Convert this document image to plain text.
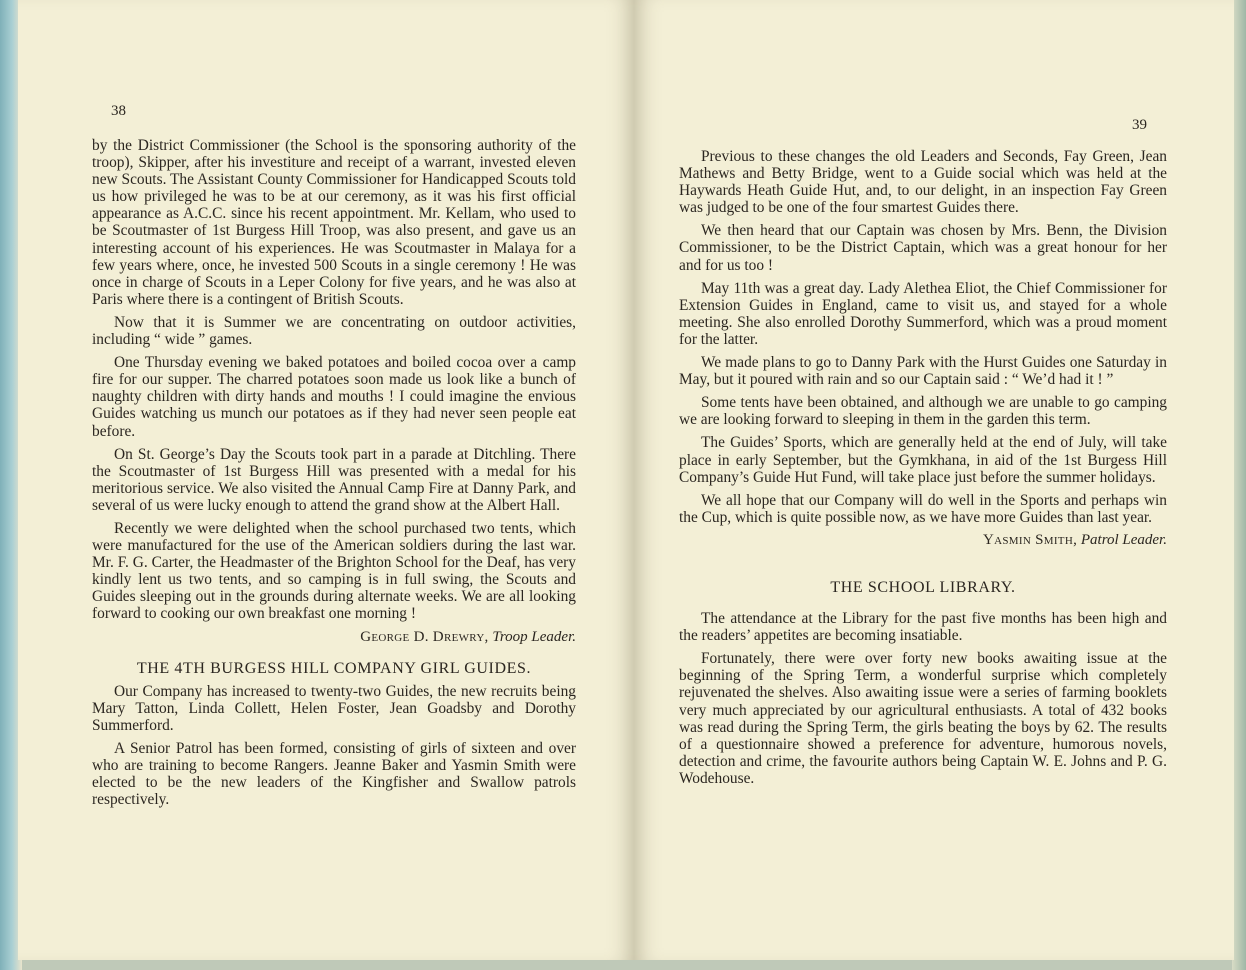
38

by the District Commissioner (the School is the sponsoring authority of the troop), Skipper, after his investiture and receipt of a warrant, invested eleven new Scouts. The Assistant County Commissioner for Handicapped Scouts told us how privileged he was to be at our ceremony, as it was his first official appearance as A.C.C. since his recent appointment. Mr. Kellam, who used to be Scoutmaster of 1st Burgess Hill Troop, was also present, and gave us an interesting account of his experiences. He was Scoutmaster in Malaya for a few years where, once, he invested 500 Scouts in a single ceremony ! He was once in charge of Scouts in a Leper Colony for five years, and he was also at Paris where there is a contingent of British Scouts.

Now that it is Summer we are concentrating on outdoor activities, including “ wide ” games.

One Thursday evening we baked potatoes and boiled cocoa over a camp fire for our supper. The charred potatoes soon made us look like a bunch of naughty children with dirty hands and mouths ! I could imagine the envious Guides watching us munch our potatoes as if they had never seen people eat before.

On St. George’s Day the Scouts took part in a parade at Ditchling. There the Scoutmaster of 1st Burgess Hill was presented with a medal for his meritorious service. We also visited the Annual Camp Fire at Danny Park, and several of us were lucky enough to attend the grand show at the Albert Hall.

Recently we were delighted when the school purchased two tents, which were manufactured for the use of the American soldiers during the last war. Mr. F. G. Carter, the Headmaster of the Brighton School for the Deaf, has very kindly lent us two tents, and so camping is in full swing, the Scouts and Guides sleeping out in the grounds during alternate weeks. We are all looking forward to cooking our own breakfast one morning !

George D. Drewry, Troop Leader.
THE 4TH BURGESS HILL COMPANY GIRL GUIDES.

Our Company has increased to twenty-two Guides, the new recruits being Mary Tatton, Linda Collett, Helen Foster, Jean Goadsby and Dorothy Summerford.

A Senior Patrol has been formed, consisting of girls of sixteen and over who are training to become Rangers. Jeanne Baker and Yasmin Smith were elected to be the new leaders of the Kingfisher and Swallow patrols respectively.

39

Previous to these changes the old Leaders and Seconds, Fay Green, Jean Mathews and Betty Bridge, went to a Guide social which was held at the Haywards Heath Guide Hut, and, to our delight, in an inspection Fay Green was judged to be one of the four smartest Guides there.

We then heard that our Captain was chosen by Mrs. Benn, the Division Commissioner, to be the District Captain, which was a great honour for her and for us too !

May 11th was a great day. Lady Alethea Eliot, the Chief Commissioner for Extension Guides in England, came to visit us, and stayed for a whole meeting. She also enrolled Dorothy Summerford, which was a proud moment for the latter.

We made plans to go to Danny Park with the Hurst Guides one Saturday in May, but it poured with rain and so our Captain said : “ We’d had it ! ”

Some tents have been obtained, and although we are unable to go camping we are looking forward to sleeping in them in the garden this term.

The Guides’ Sports, which are generally held at the end of July, will take place in early September, but the Gymkhana, in aid of the 1st Burgess Hill Company’s Guide Hut Fund, will take place just before the summer holidays.

We all hope that our Company will do well in the Sports and perhaps win the Cup, which is quite possible now, as we have more Guides than last year.

Yasmin Smith, Patrol Leader.
THE SCHOOL LIBRARY.

The attendance at the Library for the past five months has been high and the readers’ appetites are becoming insatiable.

Fortunately, there were over forty new books awaiting issue at the beginning of the Spring Term, a wonderful surprise which completely rejuvenated the shelves. Also awaiting issue were a series of farming booklets very much appreciated by our agricultural enthusiasts. A total of 432 books was read during the Spring Term, the girls beating the boys by 62. The results of a questionnaire showed a preference for adventure, humorous novels, detection and crime, the favourite authors being Captain W. E. Johns and P. G. Wodehouse.
